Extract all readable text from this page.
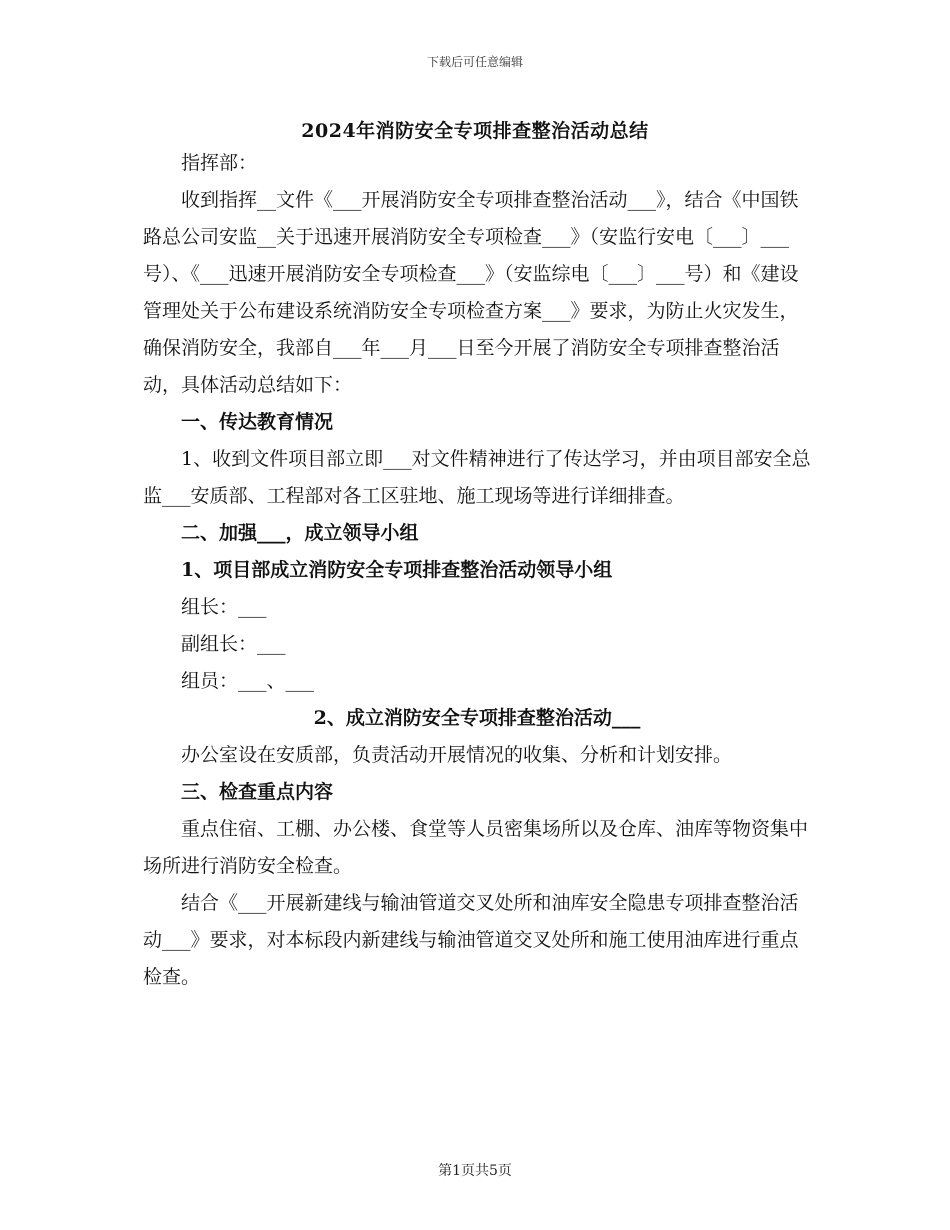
下载后可任意编辑
2024年消防安全专项排查整治活动总结

指挥部：

收到指挥__文件《___开展消防安全专项排查整治活动___》，结合《中国铁路总公司安监__关于迅速开展消防安全专项检查___》（安监行安电〔___〕___号）、《___迅速开展消防安全专项检查___》（安监综电〔___〕___号）和《建设管理处关于公布建设系统消防安全专项检查方案___》要求，为防止火灾发生，确保消防安全，我部自___年___月___日至今开展了消防安全专项排查整治活动，具体活动总结如下：

一、传达教育情况

1、收到文件项目部立即___对文件精神进行了传达学习，并由项目部安全总监___安质部、工程部对各工区驻地、施工现场等进行详细排查。

二、加强___，成立领导小组

1、项目部成立消防安全专项排查整治活动领导小组

组长：___

副组长：___

组员：___、___

2、成立消防安全专项排查整治活动___

办公室设在安质部，负责活动开展情况的收集、分析和计划安排。

三、检查重点内容

重点住宿、工棚、办公楼、食堂等人员密集场所以及仓库、油库等物资集中场所进行消防安全检查。

结合《___开展新建线与输油管道交叉处所和油库安全隐患专项排查整治活动___》要求，对本标段内新建线与输油管道交叉处所和施工使用油库进行重点检查。

第1页共5页
